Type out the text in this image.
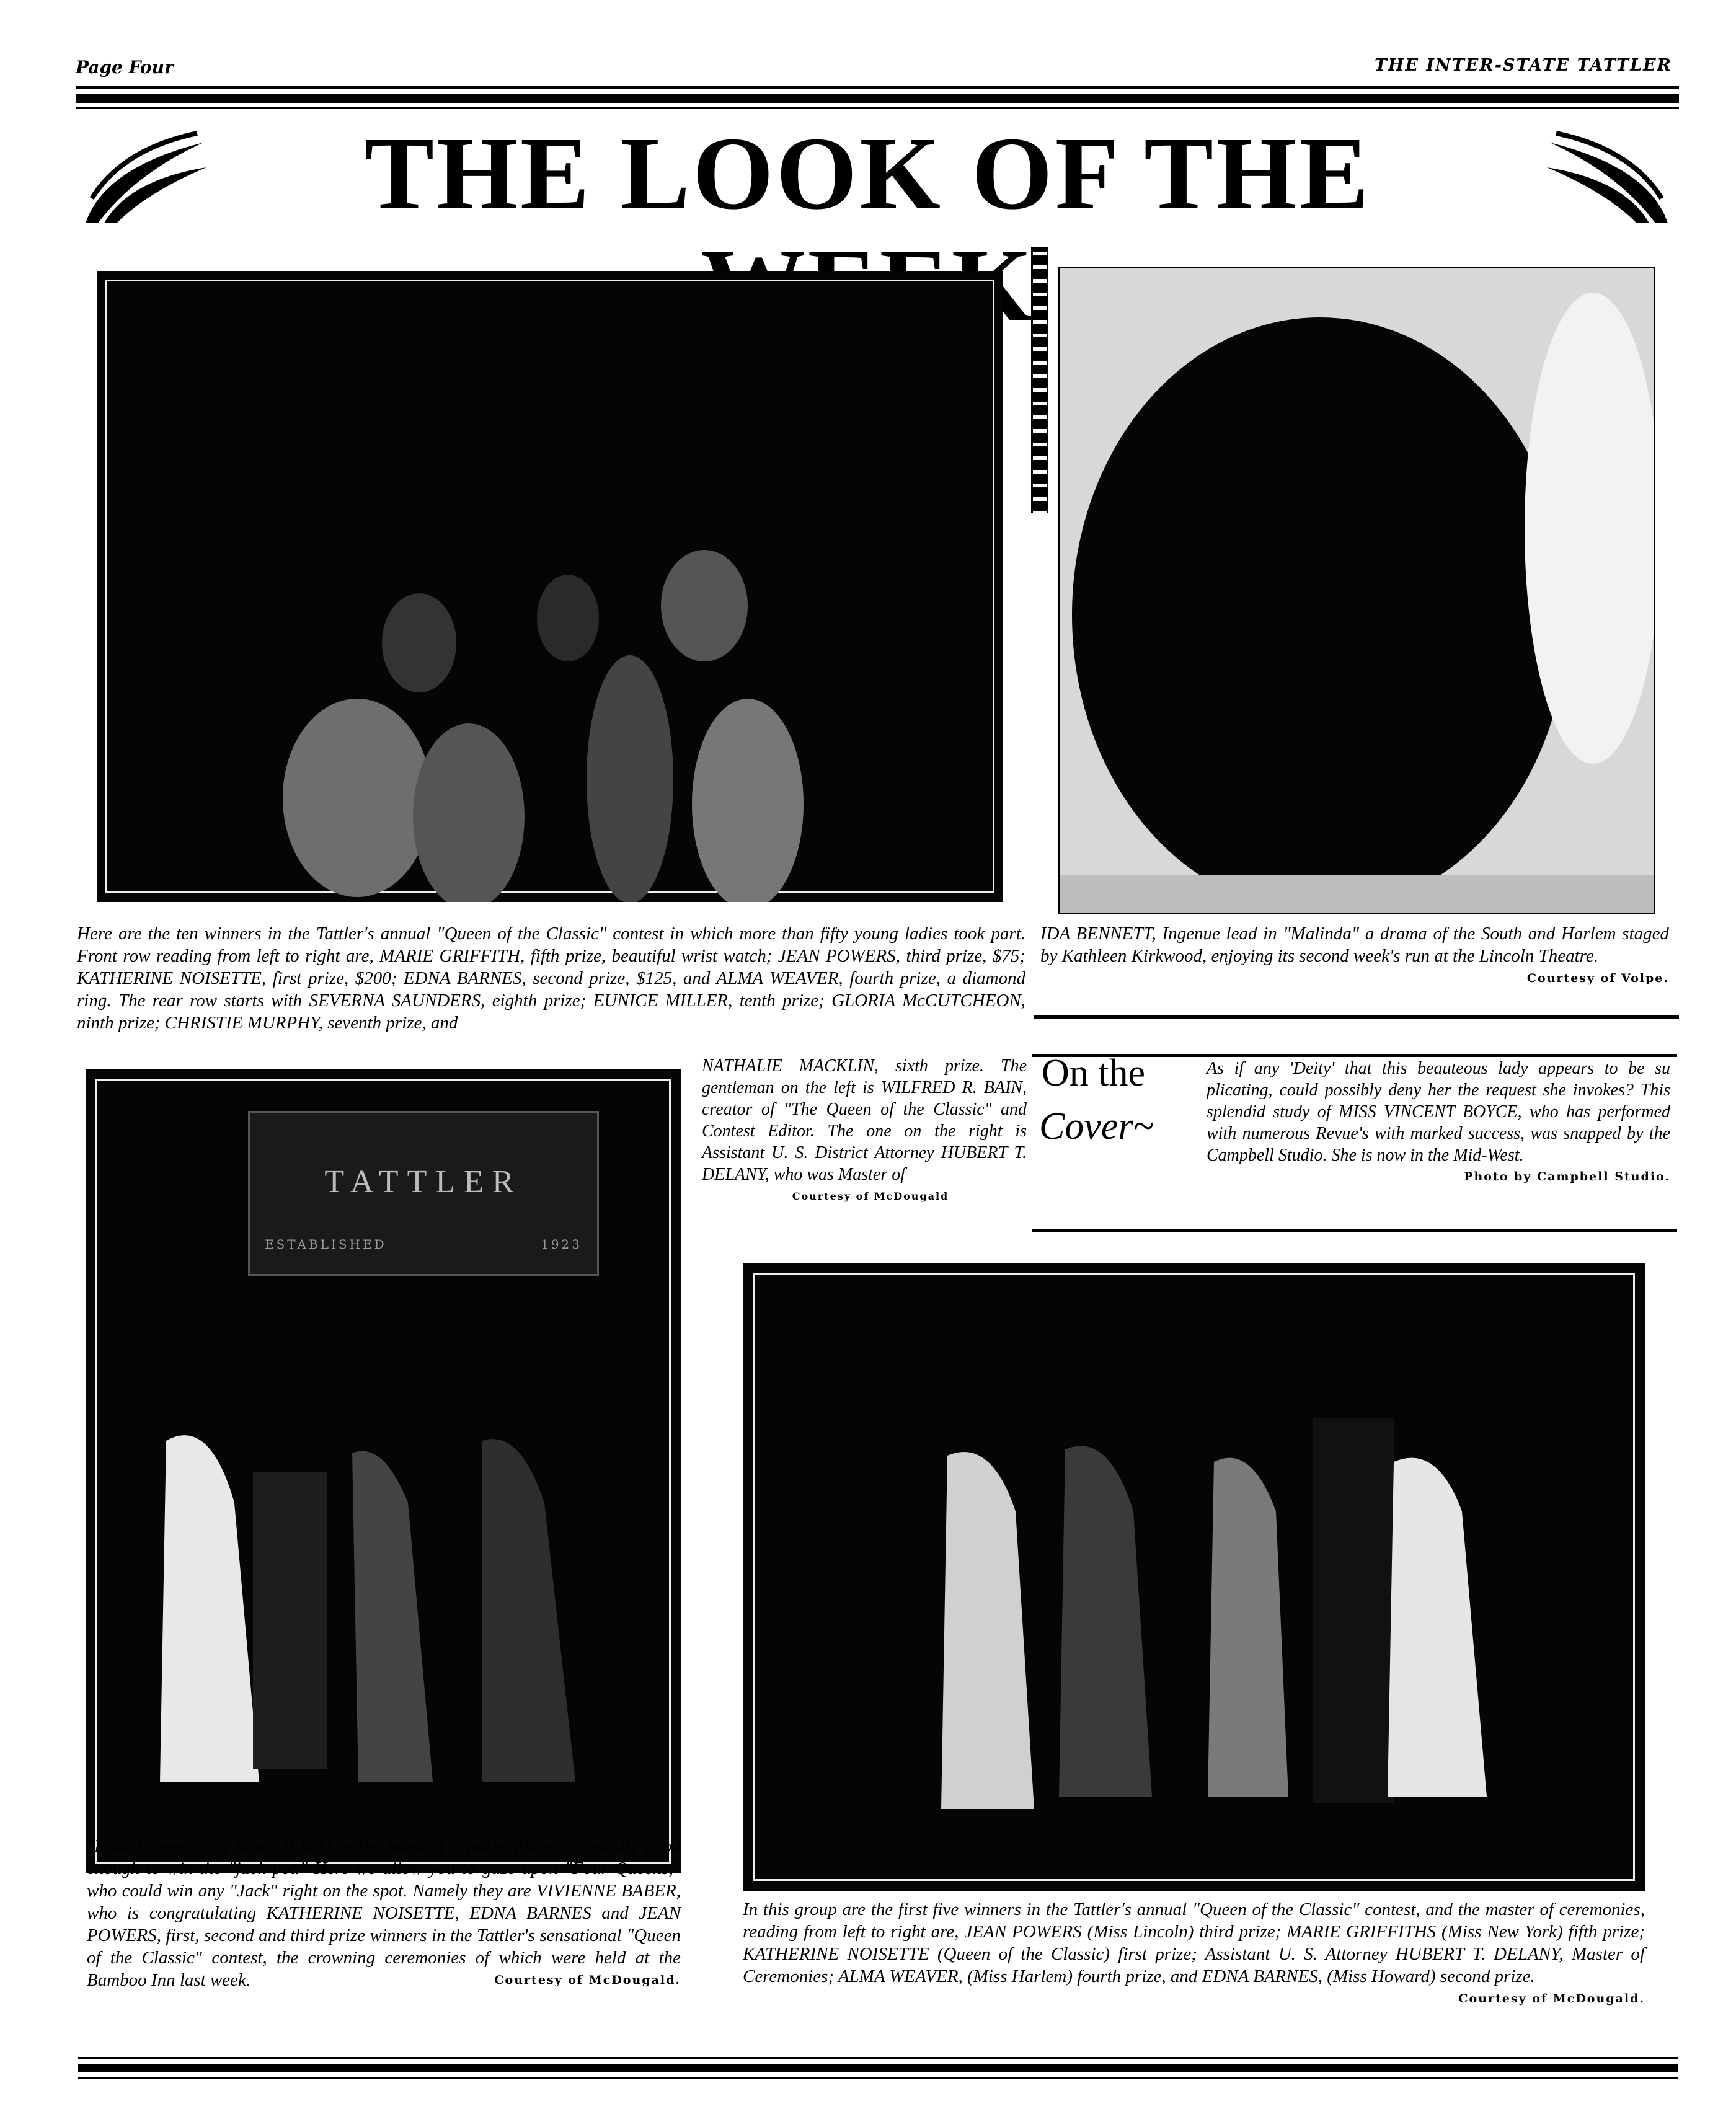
Page Four	THE INTER-STATE TATTLER
THE LOOK OF THE

Here are the ten winners in the Tattler's annual "Queen of the Classic" contest in which more than fifty young ladies took part. Front row reading from left to right are, MARIE GRIFFITH, fifth prize, beautiful wrist watch; JEAN POWERS, third prize, $75; KATHERINE NOISETTE, first prize, $200; EDNA BARNES, second prize, $125, and ALMA WEAVER, fourth prize, a diamond ring. The rear row starts with SEVERNA SAUNDERS, eighth prize; EUNICE MILLER, tenth prize; GLORIA McCUTCHEON, ninth prize; CHRISTIE MURPHY, seventh prize, and

NATHALIE MACKLIN, sixth prize. The gentleman on the left is WILFRED R. BAIN, creator of "The Queen of the Classic" and Contest Editor. The one on the right is Assistant U. S. District Attorney HUBERT T. DELANY, who was Master of
Courtesy of McDougald
IDA BENNETT, Ingenue lead in "Malinda" a drama of the South and Harlem staged by Kathleen Kirkwood, enjoying its second week's run at the Lincoln Theatre.
Courtesy of Volpe.
On the
Cover~
As if any 'Deity' that this beauteous lady appears to be su plicating, could possibly deny her the request she invokes? This splendid study of MISS VINCENT BOYCE, who has performed with numerous Revue's with marked success, was snapped by the Campbell Studio. She is now in the Mid-West.
Photo by Campbell Studio.
TATTLER
ESTABLISHED	1923
"Four Queens in a Row," if held in the hand of a poker player is usually good enough to win the "jack pot." Here we allow you to gaze upon "Four Queens," who could win any "Jack" right on the spot. Namely they are VIVIENNE BABER, who is congratulating KATHERINE NOISETTE, EDNA BARNES and JEAN POWERS, first, second and third prize winners in the Tattler's sensational "Queen of the Classic" contest, the crowning ceremonies of which were held at the Bamboo Inn last week.	Courtesy of McDougald.
In this group are the first five winners in the Tattler's annual "Queen of the Classic" contest, and the master of ceremonies, reading from left to right are, JEAN POWERS (Miss Lincoln) third prize; MARIE GRIFFITHS (Miss New York) fifth prize; KATHERINE NOISETTE (Queen of the Classic) first prize; Assistant U. S. Attorney HUBERT T. DELANY, Master of Ceremonies; ALMA WEAVER, (Miss Harlem) fourth prize, and EDNA BARNES, (Miss Howard) second prize.
Courtesy of McDougald.
